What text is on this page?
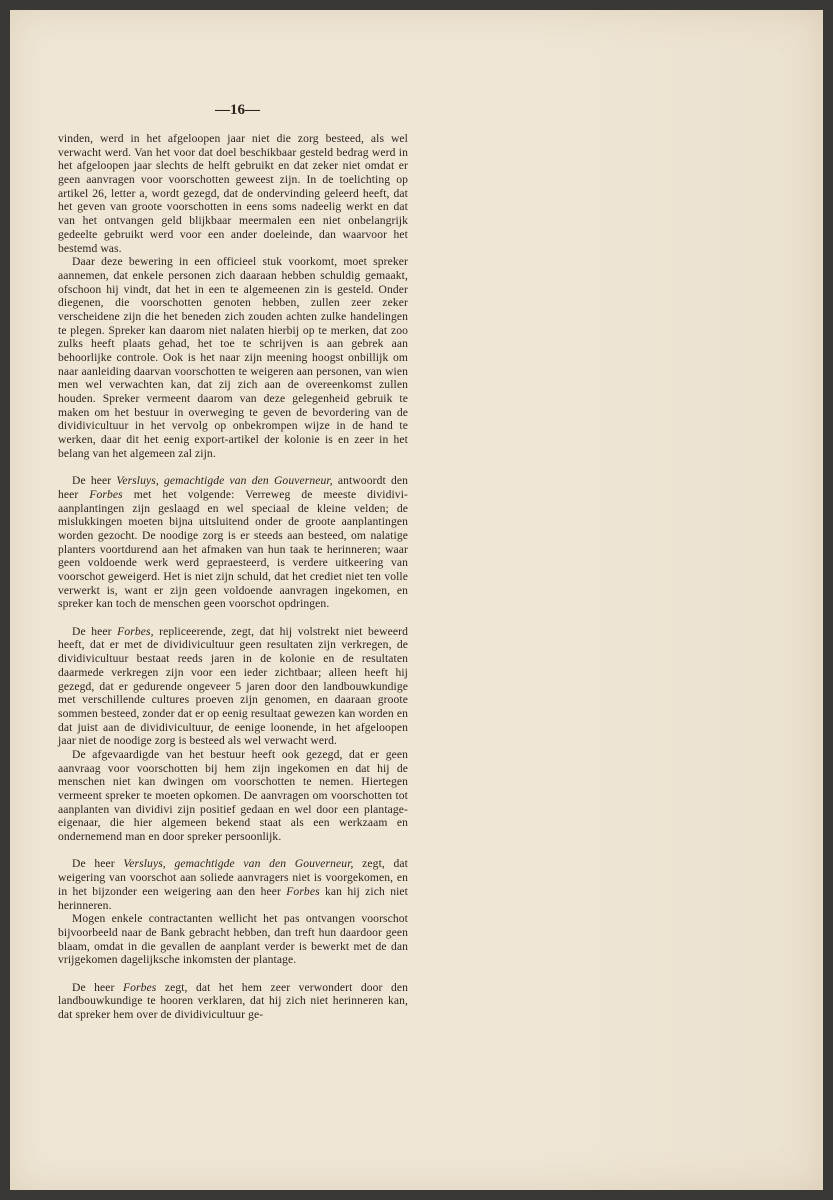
—16—

vinden, werd in het afgeloopen jaar niet die zorg besteed, als wel verwacht werd. Van het voor dat doel beschikbaar gesteld bedrag werd in het afgeloopen jaar slechts de helft gebruikt en dat zeker niet omdat er geen aanvragen voor voorschotten geweest zijn. In de toelichting op artikel 26, letter a, wordt gezegd, dat de ondervinding geleerd heeft, dat het geven van groote voorschotten in eens soms nadeelig werkt en dat van het ontvangen geld blijkbaar meermalen een niet onbelangrijk gedeelte gebruikt werd voor een ander doeleinde, dan waarvoor het bestemd was.

Daar deze bewering in een officieel stuk voorkomt, moet spreker aannemen, dat enkele personen zich daaraan hebben schuldig gemaakt, ofschoon hij vindt, dat het in een te algemeenen zin is gesteld. Onder diegenen, die voorschotten genoten hebben, zullen zeer zeker verscheidene zijn die het beneden zich zouden achten zulke handelingen te plegen. Spreker kan daarom niet nalaten hierbij op te merken, dat zoo zulks heeft plaats gehad, het toe te schrijven is aan gebrek aan behoorlijke controle. Ook is het naar zijn meening hoogst onbillijk om naar aanleiding daarvan voorschotten te weigeren aan personen, van wien men wel verwachten kan, dat zij zich aan de overeenkomst zullen houden. Spreker vermeent daarom van deze gelegenheid gebruik te maken om het bestuur in overweging te geven de bevordering van de dividivicultuur in het vervolg op onbekrompen wijze in de hand te werken, daar dit het eenig export-artikel der kolonie is en zeer in het belang van het algemeen zal zijn.

De heer Versluys, gemachtigde van den Gouverneur, antwoordt den heer Forbes met het volgende: Verreweg de meeste dividivi-aanplantingen zijn geslaagd en wel speciaal de kleine velden; de mislukkingen moeten bijna uitsluitend onder de groote aanplantingen worden gezocht. De noodige zorg is er steeds aan besteed, om nalatige planters voortdurend aan het afmaken van hun taak te herinneren; waar geen voldoende werk werd gepraesteerd, is verdere uitkeering van voorschot geweigerd. Het is niet zijn schuld, dat het crediet niet ten volle verwerkt is, want er zijn geen voldoende aanvragen ingekomen, en spreker kan toch de menschen geen voorschot opdringen.

De heer Forbes, repliceerende, zegt, dat hij volstrekt niet beweerd heeft, dat er met de dividivicultuur geen resultaten zijn verkregen, de dividivicultuur bestaat reeds jaren in de kolonie en de resultaten daarmede verkregen zijn voor een ieder zichtbaar; alleen heeft hij gezegd, dat er gedurende ongeveer 5 jaren door den landbouwkundige met verschillende cultures proeven zijn genomen, en daaraan groote sommen besteed, zonder dat er op eenig resultaat gewezen kan worden en dat juist aan de dividivicultuur, de eenige loonende, in het afgeloopen jaar niet de noodige zorg is besteed als wel verwacht werd.

De afgevaardigde van het bestuur heeft ook gezegd, dat er geen aanvraag voor voorschotten bij hem zijn ingekomen en dat hij de menschen niet kan dwingen om voorschotten te nemen. Hiertegen vermeent spreker te moeten opkomen. De aanvragen om voorschotten tot aanplanten van dividivi zijn positief gedaan en wel door een plantage-eigenaar, die hier algemeen bekend staat als een werkzaam en ondernemend man en door spreker persoonlijk.

De heer Versluys, gemachtigde van den Gouverneur, zegt, dat weigering van voorschot aan soliede aanvragers niet is voorgekomen, en in het bijzonder een weigering aan den heer Forbes kan hij zich niet herinneren.

Mogen enkele contractanten wellicht het pas ontvangen voorschot bijvoorbeeld naar de Bank gebracht hebben, dan treft hun daardoor geen blaam, omdat in die gevallen de aanplant verder is bewerkt met de dan vrijgekomen dagelijksche inkomsten der plantage.

De heer Forbes zegt, dat het hem zeer verwondert door den landbouwkundige te hooren verklaren, dat hij zich niet herinneren kan, dat spreker hem over de dividivicultuur ge-
